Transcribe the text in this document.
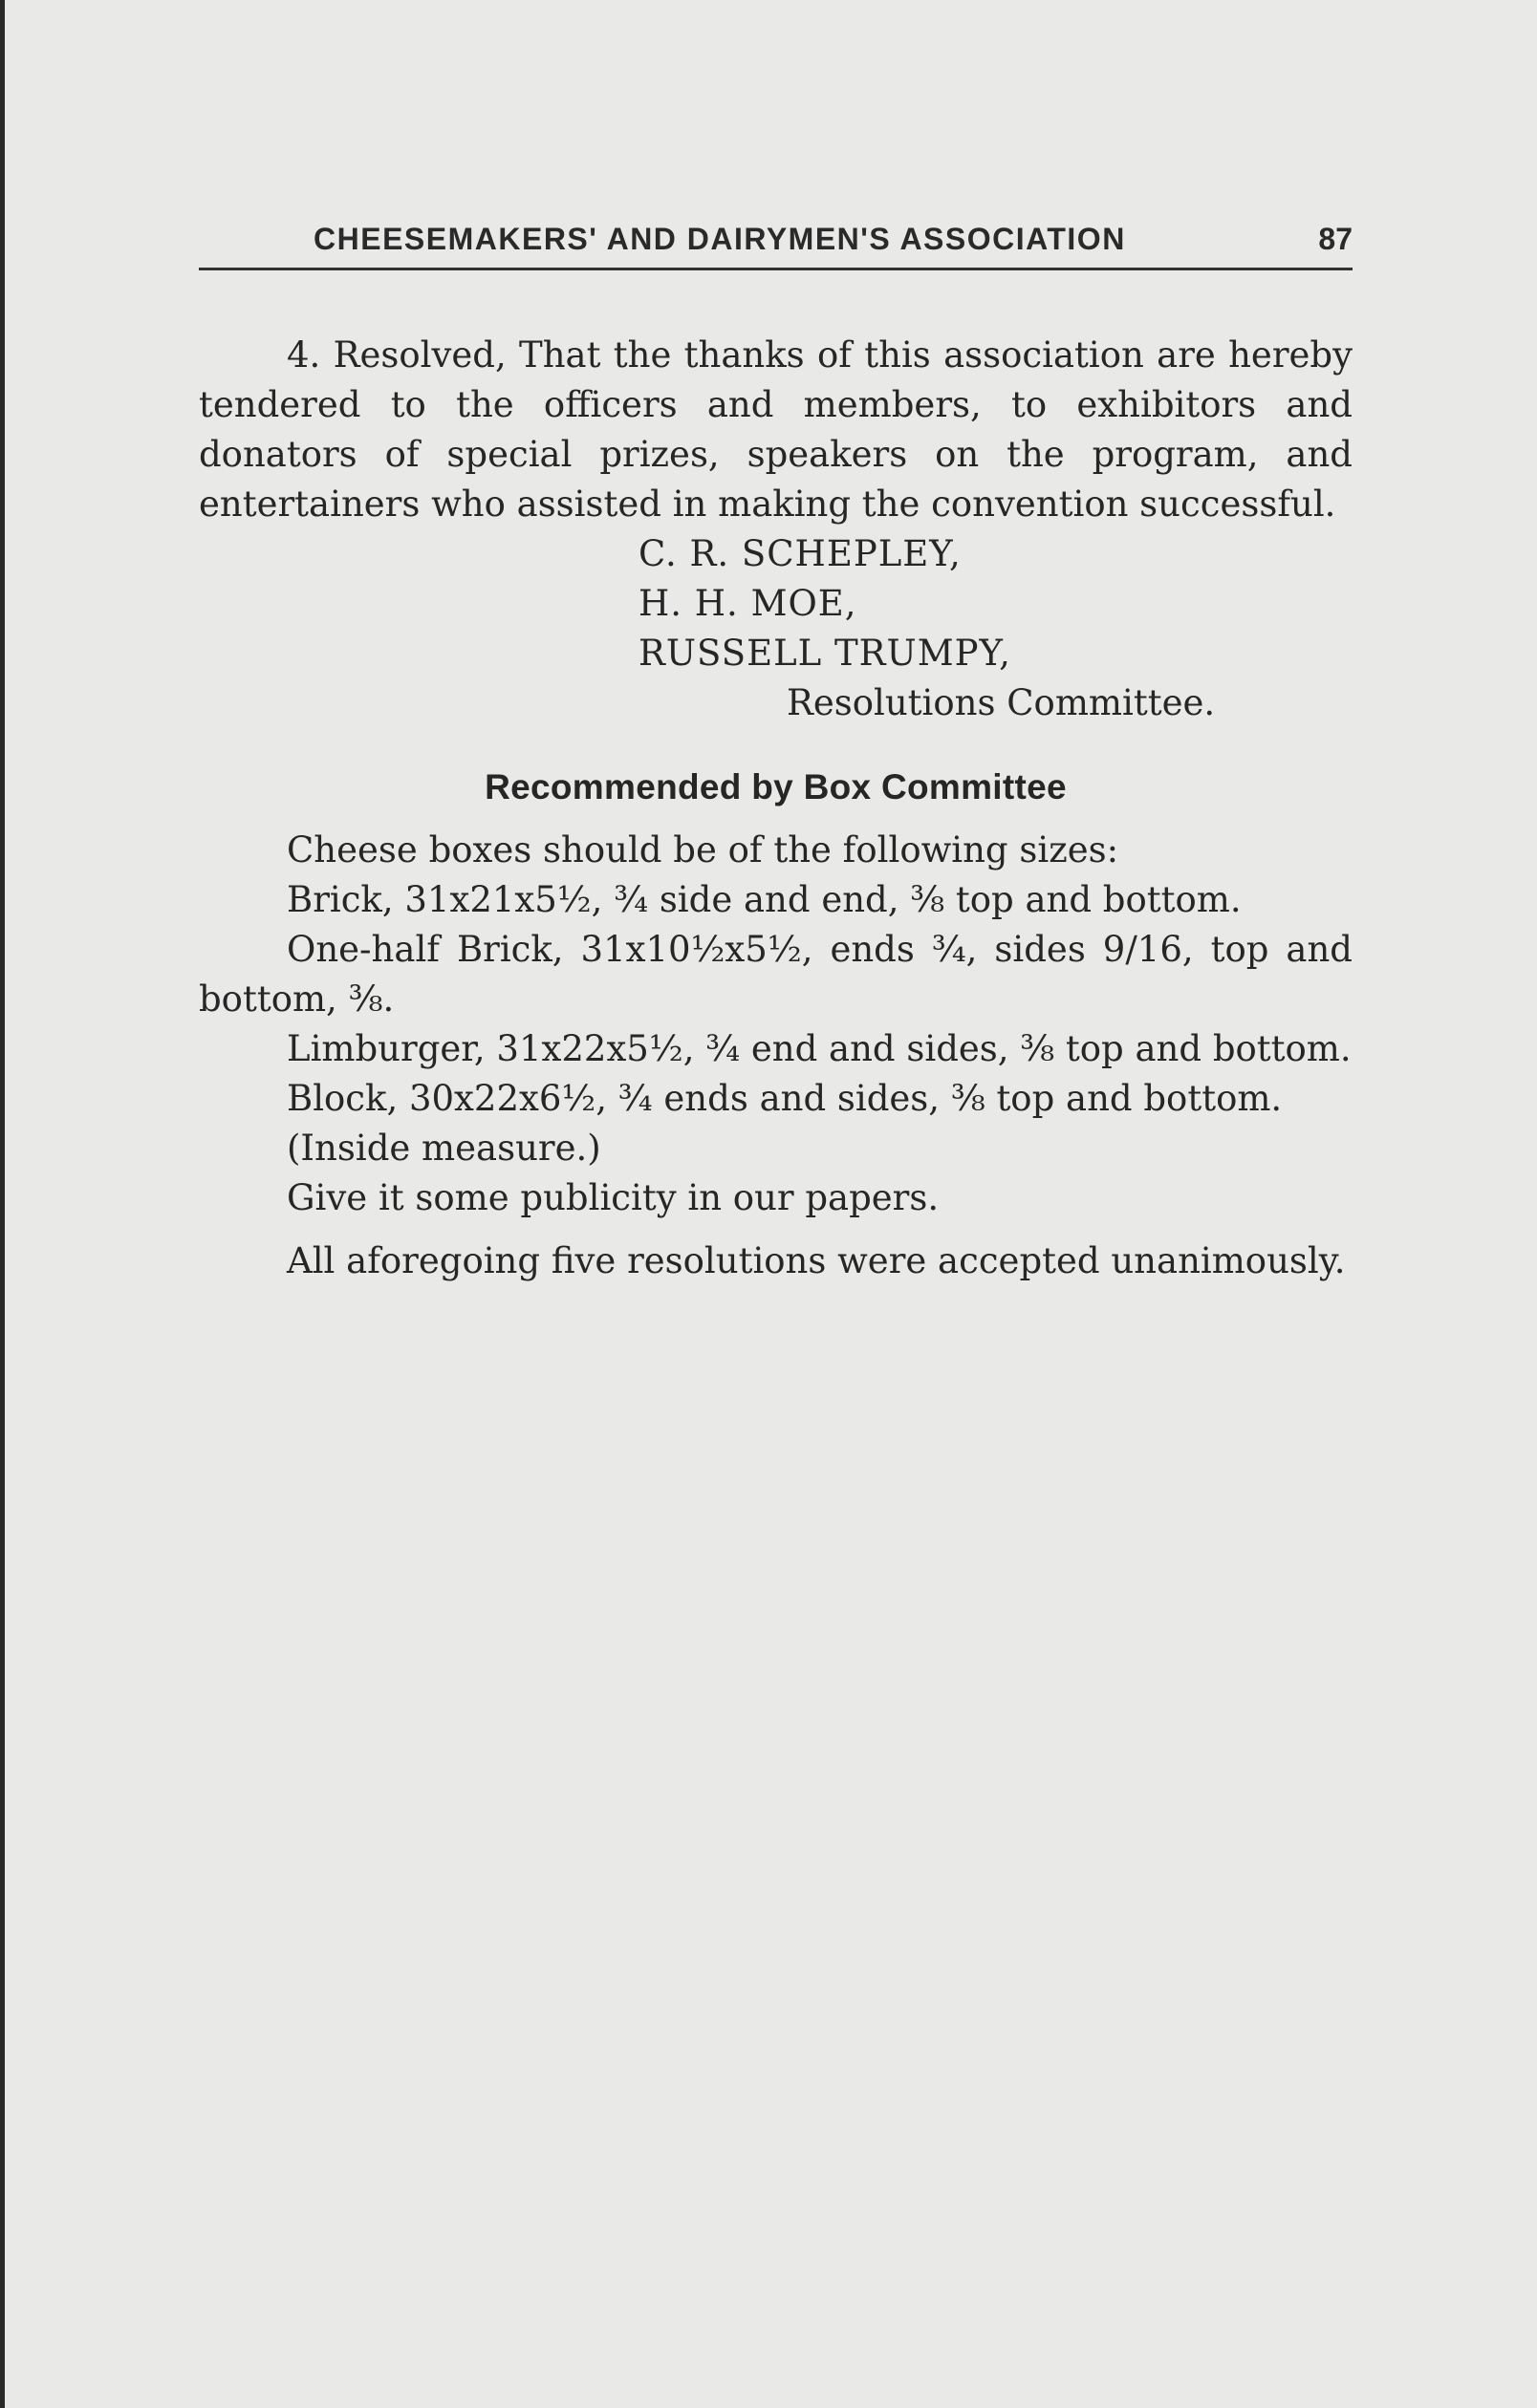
CHEESEMAKERS' AND DAIRYMEN'S ASSOCIATION	87

4. Resolved, That the thanks of this association are hereby tendered to the officers and members, to exhibitors and donators of special prizes, speakers on the program, and entertainers who assisted in making the convention successful.

C. R. SCHEPLEY,
H. H. MOE,
RUSSELL TRUMPY,
Resolutions Committee.
Recommended by Box Committee

Cheese boxes should be of the following sizes:

Brick, 31x21x5½, ¾ side and end, ⅜ top and bottom.

One-half Brick, 31x10½x5½, ends ¾, sides 9/16, top and bottom, ⅜.

Limburger, 31x22x5½, ¾ end and sides, ⅜ top and bottom.

Block, 30x22x6½, ¾ ends and sides, ⅜ top and bottom.

(Inside measure.)

Give it some publicity in our papers.

All aforegoing five resolutions were accepted unanimously.
